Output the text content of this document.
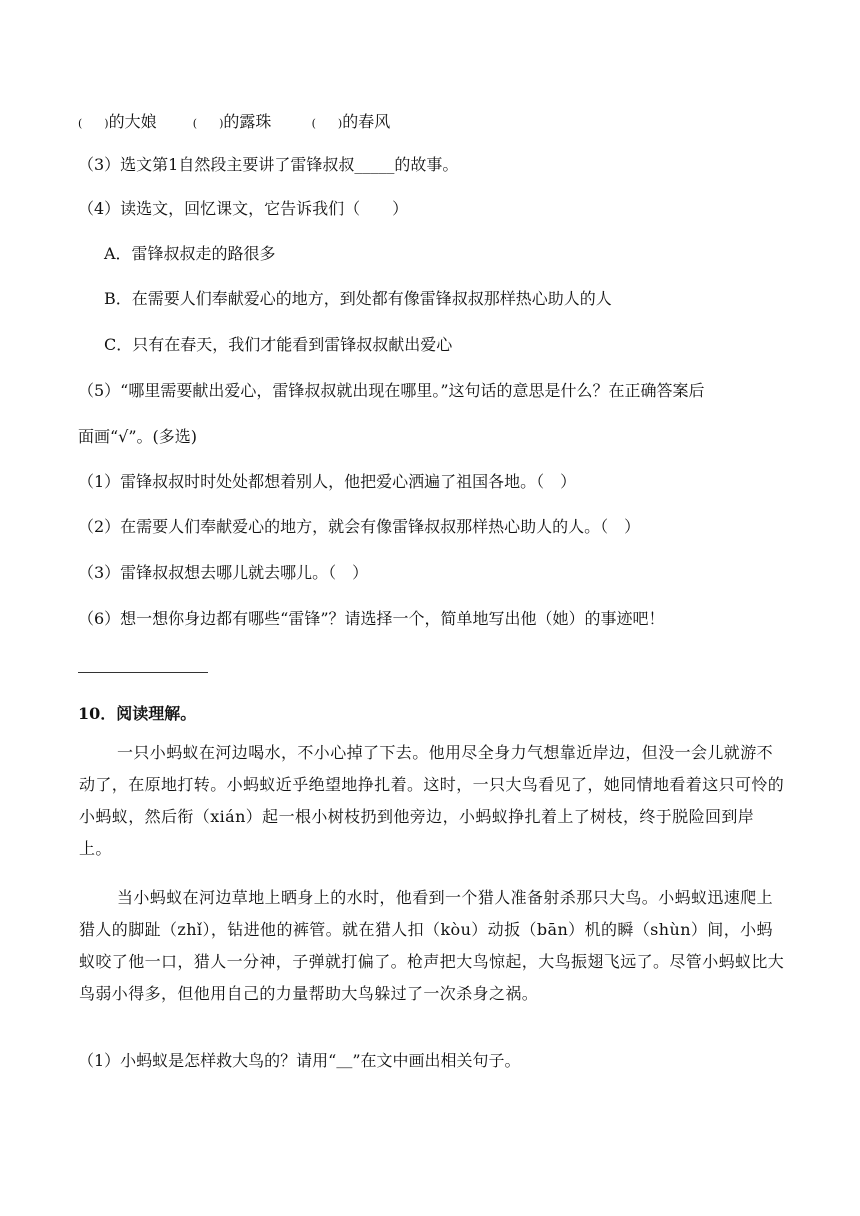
(　　)的大娘	(　　)的露珠	(　　)的春风
（3）选文第1自然段主要讲了雷锋叔叔_____的故事。
（4）读选文，回忆课文，它告诉我们（　　）
A．雷锋叔叔走的路很多
B．在需要人们奉献爱心的地方，到处都有像雷锋叔叔那样热心助人的人
C．只有在春天，我们才能看到雷锋叔叔献出爱心
（5）“哪里需要献出爱心，雷锋叔叔就出现在哪里。”这句话的意思是什么？在正确答案后
面画“√”。(多选)
（1）雷锋叔叔时时处处都想着别人，他把爱心洒遍了祖国各地。（　）
（2）在需要人们奉献爱心的地方，就会有像雷锋叔叔那样热心助人的人。（　）
（3）雷锋叔叔想去哪儿就去哪儿。（　）
（6）想一想你身边都有哪些“雷锋”？请选择一个，简单地写出他（她）的事迹吧！
10．阅读理解。
一只小蚂蚁在河边喝水，不小心掉了下去。他用尽全身力气想靠近岸边，但没一会儿就游不动了，在原地打转。小蚂蚁近乎绝望地挣扎着。这时，一只大鸟看见了，她同情地看着这只可怜的小蚂蚁，然后衔（xián）起一根小树枝扔到他旁边，小蚂蚁挣扎着上了树枝，终于脱险回到岸上。
当小蚂蚁在河边草地上晒身上的水时，他看到一个猎人准备射杀那只大鸟。小蚂蚁迅速爬上猎人的脚趾（zhǐ），钻进他的裤管。就在猎人扣（kòu）动扳（bān）机的瞬（shùn）间，小蚂蚁咬了他一口，猎人一分神，子弹就打偏了。枪声把大鸟惊起，大鸟振翅飞远了。尽管小蚂蚁比大鸟弱小得多，但他用自己的力量帮助大鸟躲过了一次杀身之祸。
（1）小蚂蚁是怎样救大鸟的？请用“＿”在文中画出相关句子。
